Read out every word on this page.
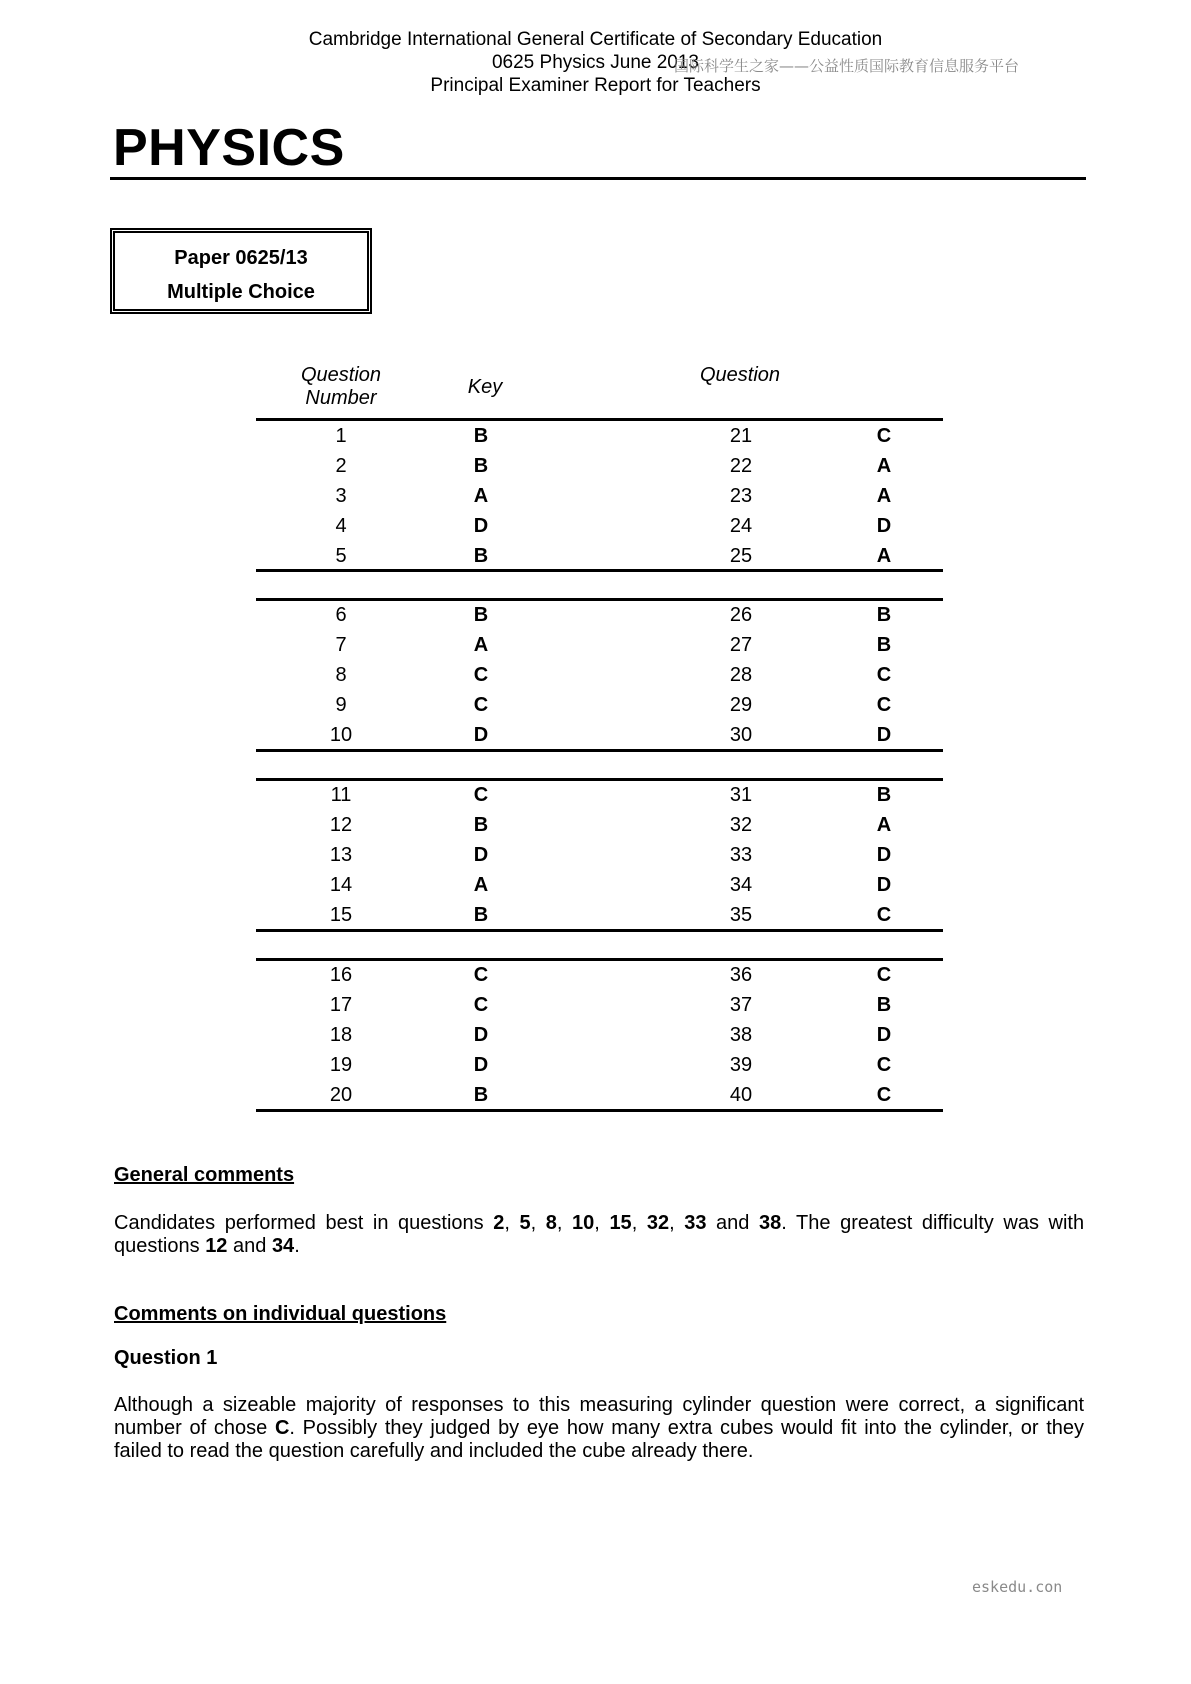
Cambridge International General Certificate of Secondary Education
0625 Physics June 2013
Principal Examiner Report for Teachers
国际科学生之家——公益性质国际教育信息服务平台
PHYSICS
Paper 0625/13
Multiple Choice
Question Number	Key
Question
1	B	21	C
2	B	22	A
3	A	23	A
4	D	24	D
5	B	25	A
6	B	26	B
7	A	27	B
8	C	28	C
9	C	29	C
10	D	30	D
11	C	31	B
12	B	32	A
13	D	33	D
14	A	34	D
15	B	35	C
16	C	36	C
17	C	37	B
18	D	38	D
19	D	39	C
20	B	40	C
General comments
Candidates performed best in questions 2, 5, 8, 10, 15, 32, 33 and 38. The greatest difficulty was with questions 12 and 34.
Comments on individual questions
Question 1
Although a sizeable majority of responses to this measuring cylinder question were correct, a significant number of chose C. Possibly they judged by eye how many extra cubes would fit into the cylinder, or they failed to read the question carefully and included the cube already there.
eskedu.con
